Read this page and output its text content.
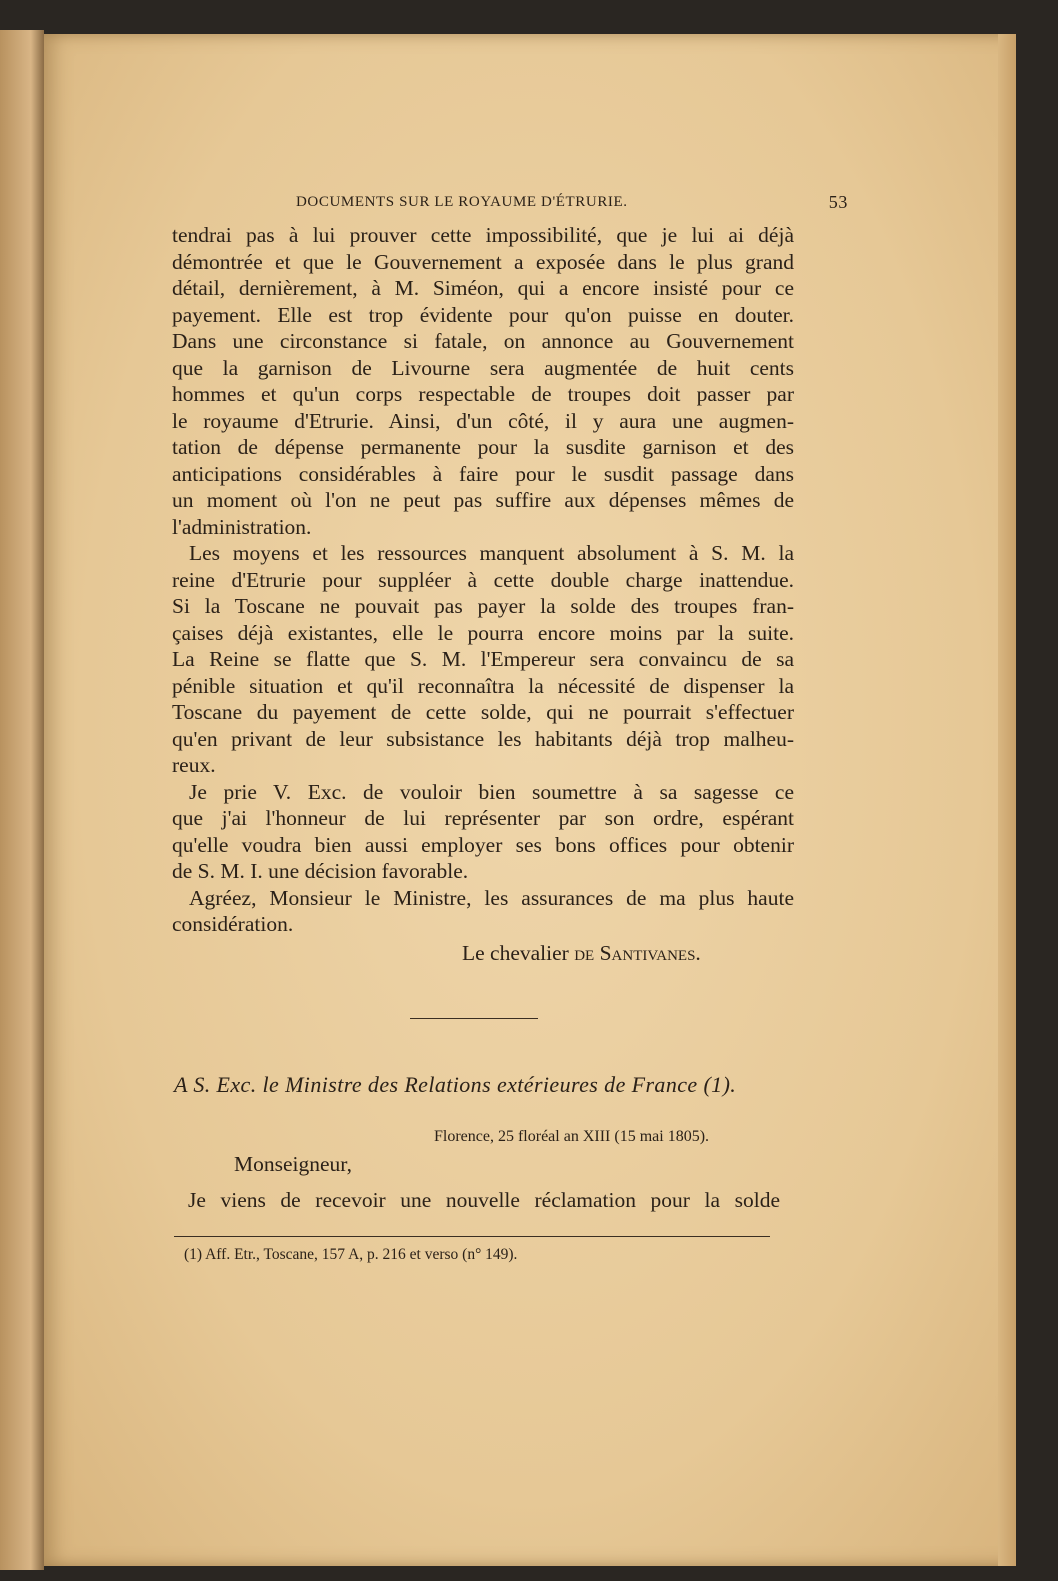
DOCUMENTS SUR LE ROYAUME D'ÉTRURIE.	53
tendrai pas à lui prouver cette impossibilité, que je lui ai déjà
démontrée et que le Gouvernement a exposée dans le plus grand
détail, dernièrement, à M. Siméon, qui a encore insisté pour ce
payement. Elle est trop évidente pour qu'on puisse en douter.
Dans une circonstance si fatale, on annonce au Gouvernement
que la garnison de Livourne sera augmentée de huit cents
hommes et qu'un corps respectable de troupes doit passer par
le royaume d'Etrurie. Ainsi, d'un côté, il y aura une augmen-
tation de dépense permanente pour la susdite garnison et des
anticipations considérables à faire pour le susdit passage dans
un moment où l'on ne peut pas suffire aux dépenses mêmes de
l'administration.
Les moyens et les ressources manquent absolument à S. M. la
reine d'Etrurie pour suppléer à cette double charge inattendue.
Si la Toscane ne pouvait pas payer la solde des troupes fran-
çaises déjà existantes, elle le pourra encore moins par la suite.
La Reine se flatte que S. M. l'Empereur sera convaincu de sa
pénible situation et qu'il reconnaîtra la nécessité de dispenser la
Toscane du payement de cette solde, qui ne pourrait s'effectuer
qu'en privant de leur subsistance les habitants déjà trop malheu-
reux.
Je prie V. Exc. de vouloir bien soumettre à sa sagesse ce
que j'ai l'honneur de lui représenter par son ordre, espérant
qu'elle voudra bien aussi employer ses bons offices pour obtenir
de S. M. I. une décision favorable.
Agréez, Monsieur le Ministre, les assurances de ma plus haute
considération.
Le chevalier de Santivanes.
A S. Exc. le Ministre des Relations extérieures de France (1).
Florence, 25 floréal an XIII (15 mai 1805).
Monseigneur,
Je viens de recevoir une nouvelle réclamation pour la solde
(1) Aff. Etr., Toscane, 157 A, p. 216 et verso (n° 149).
